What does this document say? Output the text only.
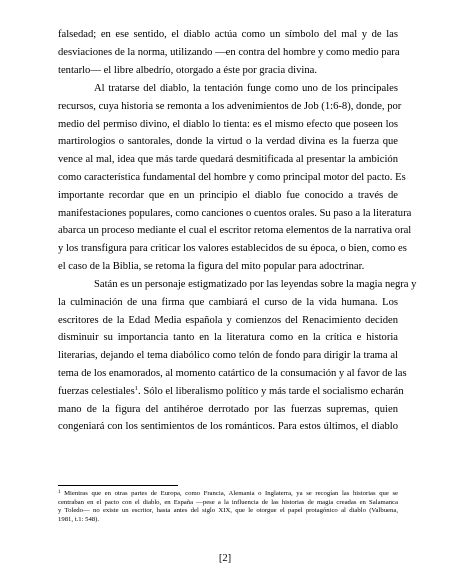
falsedad; en ese sentido, el diablo actúa como un símbolo del mal y de las
desviaciones de la norma, utilizando —en contra del hombre y como medio para
tentarlo— el libre albedrío, otorgado a éste por gracia divina.
Al tratarse del diablo, la tentación funge como uno de los principales
recursos, cuya historia se remonta a los advenimientos de Job (1:6-8), donde, por
medio del permiso divino, el diablo lo tienta: es el mismo efecto que poseen los
martirologios o santorales, donde la virtud o la verdad divina es la fuerza que
vence al mal, idea que más tarde quedará desmitificada al presentar la ambición
como característica fundamental del hombre y como principal motor del pacto. Es
importante recordar que en un principio el diablo fue conocido a través de
manifestaciones populares, como canciones o cuentos orales. Su paso a la literatura
abarca un proceso mediante el cual el escritor retoma elementos de la narrativa oral
y los transfigura para criticar los valores establecidos de su época, o bien, como es
el caso de la Biblia, se retoma la figura del mito popular para adoctrinar.
Satán es un personaje estigmatizado por las leyendas sobre la magia negra y
la culminación de una firma que cambiará el curso de la vida humana. Los
escritores de la Edad Media española y comienzos del Renacimiento deciden
disminuir su importancia tanto en la literatura como en la crítica e historia
literarias, dejando el tema diabólico como telón de fondo para dirigir la trama al
tema de los enamorados, al momento catártico de la consumación y al favor de las
fuerzas celestiales$^1$. Sólo el liberalismo político y más tarde el socialismo echarán
mano de la figura del antihéroe derrotado por las fuerzas supremas, quien
congeniará con los sentimientos de los románticos. Para estos últimos, el diablo
$^1$ Mientras que en otras partes de Europa, como Francia, Alemania o Inglaterra, ya se recogían las historias que se
centraban en el pacto con el diablo, en España —pese a la influencia de las historias de magia creadas en Salamanca
y Toledo— no existe un escritor, hasta antes del siglo XIX, que le otorgue el papel protagónico al diablo (Valbuena,
1981, t.1: 548).
[2]
